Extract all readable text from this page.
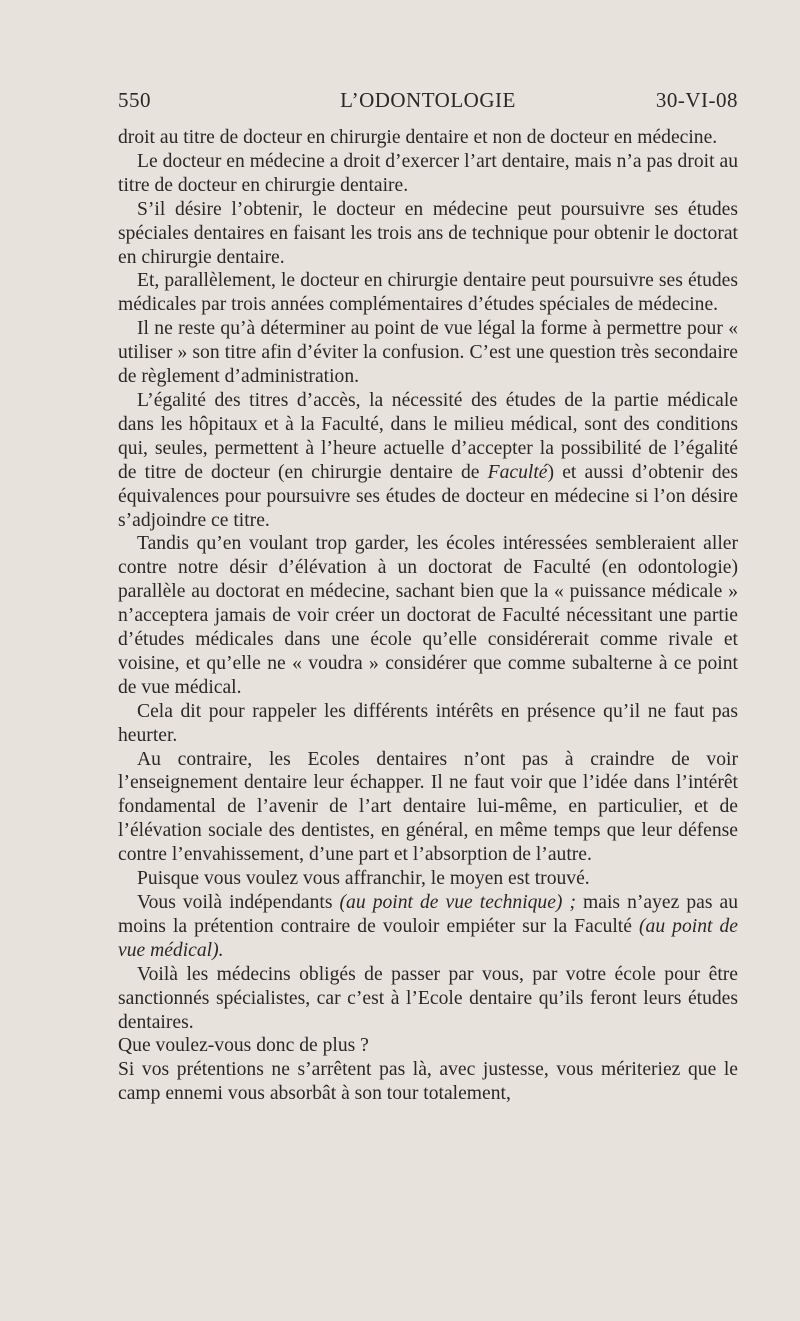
550	L’ODONTOLOGIE	30-VI-08

droit au titre de docteur en chirurgie dentaire et non de docteur en médecine.

Le docteur en médecine a droit d’exercer l’art dentaire, mais n’a pas droit au titre de docteur en chirurgie dentaire.

S’il désire l’obtenir, le docteur en médecine peut poursuivre ses études spéciales dentaires en faisant les trois ans de technique pour obtenir le doctorat en chirurgie dentaire.

Et, parallèlement, le docteur en chirurgie dentaire peut poursuivre ses études médicales par trois années complémentaires d’études spéciales de médecine.

Il ne reste qu’à déterminer au point de vue légal la forme à permettre pour « utiliser » son titre afin d’éviter la confusion. C’est une question très secondaire de règlement d’administration.

L’égalité des titres d’accès, la nécessité des études de la partie médicale dans les hôpitaux et à la Faculté, dans le milieu médical, sont des conditions qui, seules, permettent à l’heure actuelle d’accepter la possibilité de l’égalité de titre de docteur (en chirurgie dentaire de Faculté) et aussi d’obtenir des équivalences pour poursuivre ses études de docteur en médecine si l’on désire s’adjoindre ce titre.

Tandis qu’en voulant trop garder, les écoles intéressées sembleraient aller contre notre désir d’élévation à un doctorat de Faculté (en odontologie) parallèle au doctorat en médecine, sachant bien que la « puissance médicale » n’acceptera jamais de voir créer un doctorat de Faculté nécessitant une partie d’études médicales dans une école qu’elle considérerait comme rivale et voisine, et qu’elle ne « voudra » considérer que comme subalterne à ce point de vue médical.

Cela dit pour rappeler les différents intérêts en présence qu’il ne faut pas heurter.

Au contraire, les Ecoles dentaires n’ont pas à craindre de voir l’enseignement dentaire leur échapper. Il ne faut voir que l’idée dans l’intérêt fondamental de l’avenir de l’art dentaire lui-même, en particulier, et de l’élévation sociale des dentistes, en général, en même temps que leur défense contre l’envahissement, d’une part et l’absorption de l’autre.

Puisque vous voulez vous affranchir, le moyen est trouvé.

Vous voilà indépendants (au point de vue technique) ; mais n’ayez pas au moins la prétention contraire de vouloir empiéter sur la Faculté (au point de vue médical).

Voilà les médecins obligés de passer par vous, par votre école pour être sanctionnés spécialistes, car c’est à l’Ecole dentaire qu’ils feront leurs études dentaires.

Que voulez-vous donc de plus ?

Si vos prétentions ne s’arrêtent pas là, avec justesse, vous mériteriez que le camp ennemi vous absorbât à son tour totalement,
